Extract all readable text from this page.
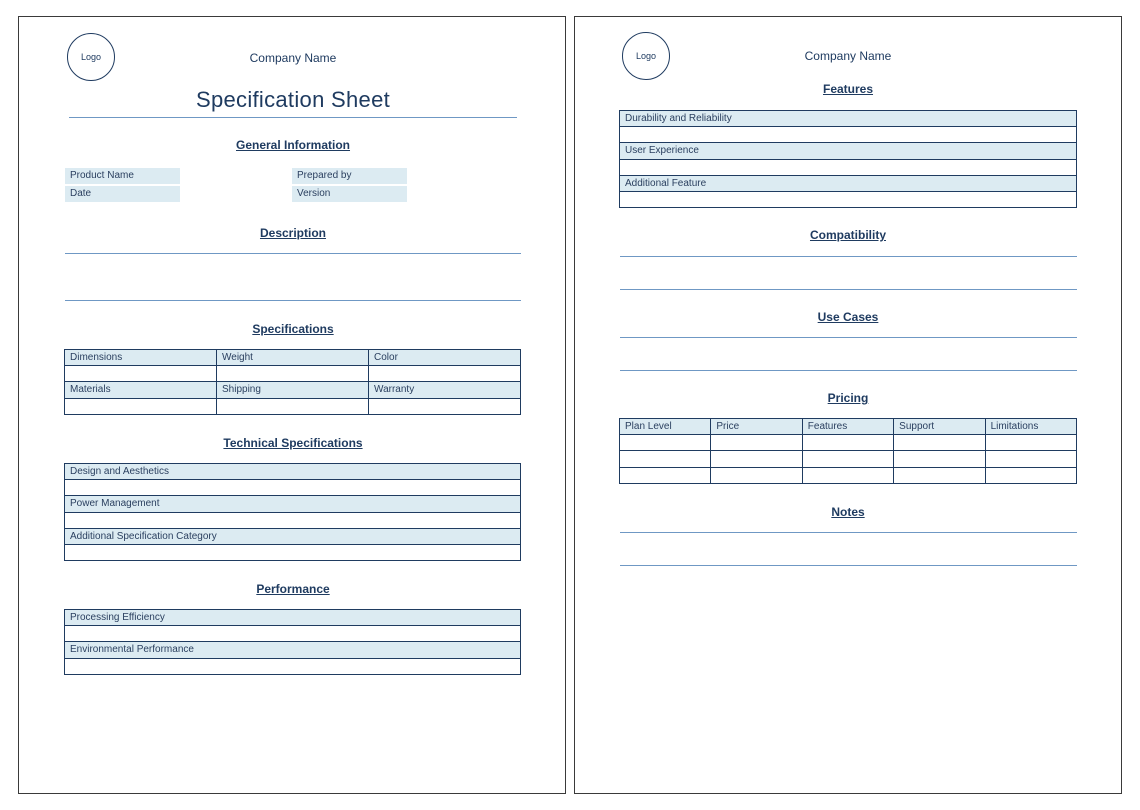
Logo	Company Name
Specification Sheet
General Information
Product Name	Prepared by
Date	Version
Description
Specifications
Dimensions	Weight	Color

Materials	Shipping	Warranty

Technical Specifications
Design and Aesthetics

Power Management

Additional Specification Category

Performance
Processing Efficiency

Environmental Performance

Logo	Company Name
Features
Durability and Reliability

User Experience

Additional Feature

Compatibility
Use Cases
Pricing
Plan Level	Price	Features	Support	Limitations

Notes
